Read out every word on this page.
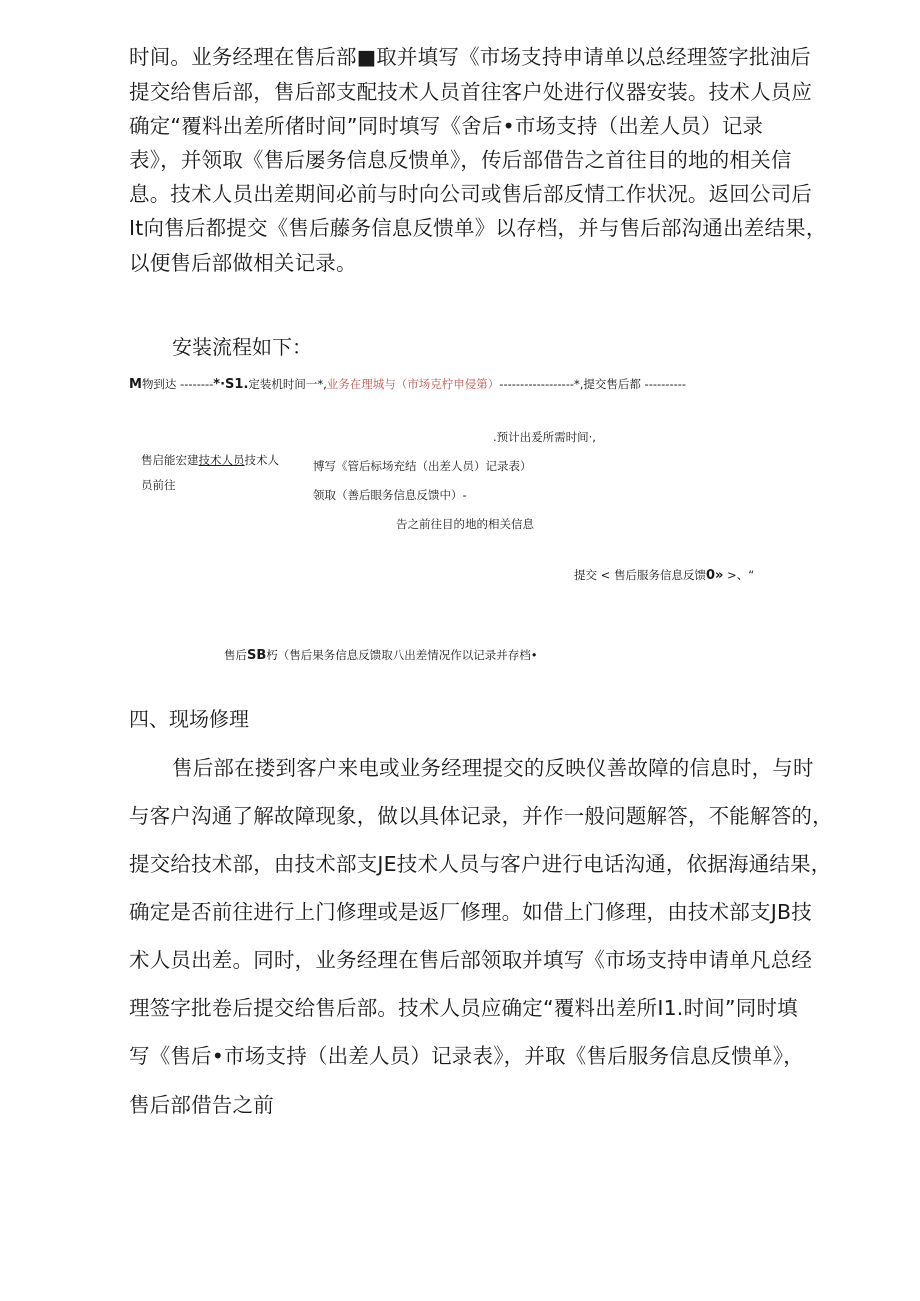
时间。业务经理在售后部■取并填写《市场支持申请单以总经理签字批油后
提交给售后部，售后部支配技术人员首往客户处进行仪器安装。技术人员应
确定“覆料出差所偖时间”同时填写《舍后•市场支持（出差人员）记录
表》，并领取《售后屡务信息反愦单》，传后部借告之首往目的地的相关信
息。技术人员出差期间必前与时向公司或售后部反情工作状况。返回公司后
It向售后都提交《售后藤务信息反愦单》以存档，并与售后部沟通出差结果，
以便售后部做相关记录。
安装流程如下：
M物到达 --------*·S1.定装机时间一*,业务在理城与（市场克柠申侵第）------------------*,提交售后都 ----------
.预计出爰所需时间·,
售启能宏建技术人员技术人
员前往
博写《管后标场充结（出差人员）记录表）
领取（善后眼务信息反馈中）-
告之前往目的地的相关信息
提交 < 售后服务信息反馈0» >、“
售后SB朽（售后果务信息反馈取八出差情况作以记录并存档•
四、现场修理
售后部在搂到客户来电或业务经理提交的反映仪善故障的信息时，与时
与客户沟通了解故障现象，做以具体记录，并作一般问题解答，不能解答的，
提交给技术部，由技术部支JE技术人员与客户进行电话沟通，依据海通结果，
确定是否前往进行上门修理或是返厂修理。如借上门修理，由技术部支JB技
术人员出差。同时，业务经理在售后部领取并填写《市场支持申请单凡总经
理签字批卷后提交给售后部。技术人员应确定“覆料出差所I1.时间”同时填
写《售后•市场支持（出差人员）记录表》，并取《售后服务信息反愦单》，
售后部借告之前
